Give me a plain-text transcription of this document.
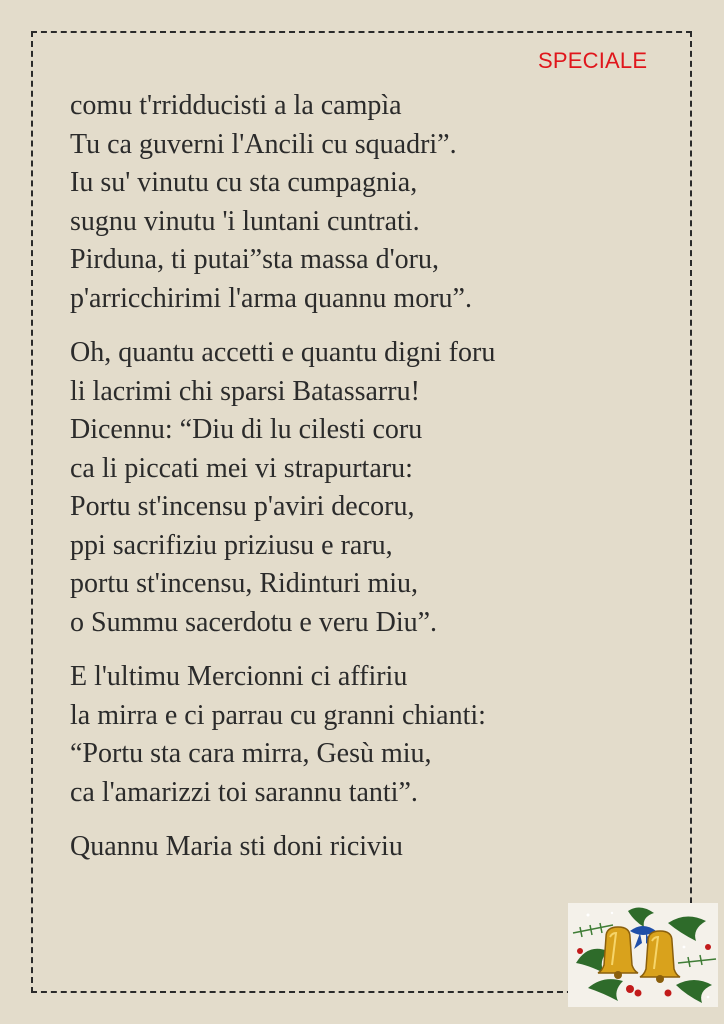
SPECIALE
comu t'rridducisti a la campìa
Tu ca guverni l'Ancili cu squadri”.
Iu su' vinutu cu sta cumpagnia,
sugnu vinutu 'i luntani cuntrati.
Pirduna, ti putai”sta massa d'oru,
p'arricchirimi l'arma quannu moru”.
Oh, quantu accetti e quantu digni foru
li lacrimi chi sparsi Batassarru!
Dicennu: “Diu di lu cilesti coru
ca li piccati mei vi strapurtaru:
Portu st'incensu p'aviri decoru,
ppi sacrifiziu priziusu e raru,
portu st'incensu, Ridinturi miu,
o Summu sacerdotu e veru Diu”.
E l'ultimu Mercionni ci affiriu
la mirra e ci parrau cu granni chianti:
“Portu sta cara mirra, Gesù miu,
ca l'amarizzi toi sarannu tanti”.
Quannu Maria sti doni riciviu
